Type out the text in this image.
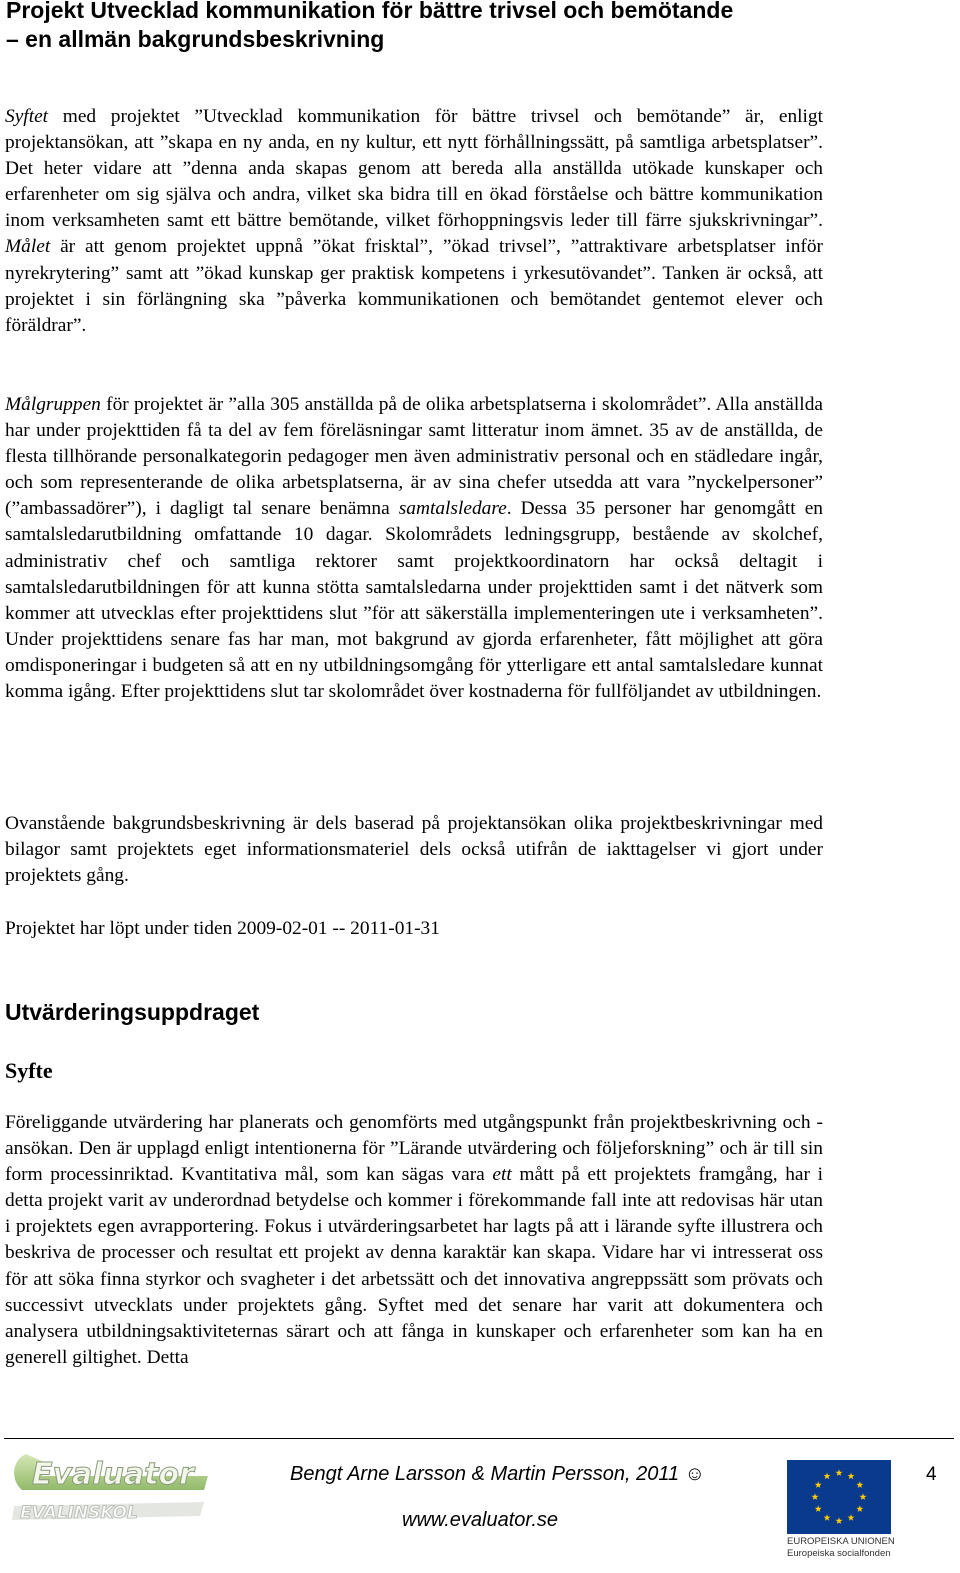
Projekt Utvecklad kommunikation för bättre trivsel och bemötande
– en allmän bakgrundsbeskrivning

Syftet med projektet ”Utvecklad kommunikation för bättre trivsel och bemötande” är, enligt projektansökan, att ”skapa en ny anda, en ny kultur, ett nytt förhållningssätt, på samtliga arbetsplatser”. Det heter vidare att ”denna anda skapas genom att bereda alla anställda utökade kunskaper och erfarenheter om sig själva och andra, vilket ska bidra till en ökad förståelse och bättre kommunikation inom verksamheten samt ett bättre bemötande, vilket förhoppningsvis leder till färre sjukskrivningar”. Målet är att genom projektet uppnå ”ökat frisktal”, ”ökad trivsel”, ”attraktivare arbetsplatser inför nyrekrytering” samt att ”ökad kunskap ger praktisk kompetens i yrkesutövandet”. Tanken är också, att projektet i sin förlängning ska ”påverka kommunikationen och bemötandet gentemot elever och föräldrar”.

Målgruppen för projektet är ”alla 305 anställda på de olika arbetsplatserna i skolområdet”. Alla anställda har under projekttiden få ta del av fem föreläsningar samt litteratur inom ämnet. 35 av de anställda, de flesta tillhörande personalkategorin pedagoger men även administrativ personal och en städledare ingår, och som representerande de olika arbetsplatserna, är av sina chefer utsedda att vara ”nyckelpersoner” (”ambassadörer”), i dagligt tal senare benämna samtalsledare. Dessa 35 personer har genomgått en samtalsledarutbildning omfattande 10 dagar. Skolområdets ledningsgrupp, bestående av skolchef, administrativ chef och samtliga rektorer samt projektkoordinatorn har också deltagit i samtalsledarutbildningen för att kunna stötta samtalsledarna under projekttiden samt i det nätverk som kommer att utvecklas efter projekttidens slut ”för att säkerställa implementeringen ute i verksamheten”. Under projekttidens senare fas har man, mot bakgrund av gjorda erfarenheter, fått möjlighet att göra omdisponeringar i budgeten så att en ny utbildningsomgång för ytterligare ett antal samtalsledare kunnat komma igång. Efter projekttidens slut tar skolområdet över kostnaderna för fullföljandet av utbildningen.

Ovanstående bakgrundsbeskrivning är dels baserad på projektansökan olika projektbeskrivningar med bilagor samt projektets eget informationsmateriel dels också utifrån de iakttagelser vi gjort under projektets gång.

Projektet har löpt under tiden 2009-02-01 -- 2011-01-31

Utvärderingsuppdraget
Syfte

Föreliggande utvärdering har planerats och genomförts med utgångspunkt från projektbeskrivning och -ansökan. Den är upplagd enligt intentionerna för ”Lärande utvärdering och följeforskning” och är till sin form processinriktad. Kvantitativa mål, som kan sägas vara ett mått på ett projektets framgång, har i detta projekt varit av underordnad betydelse och kommer i förekommande fall inte att redovisas här utan i projektets egen avrapportering. Fokus i utvärderingsarbetet har lagts på att i lärande syfte illustrera och beskriva de processer och resultat ett projekt av denna karaktär kan skapa. Vidare har vi intresserat oss för att söka finna styrkor och svagheter i det arbetssätt och det innovativa angreppssätt som prövats och successivt utvecklats under projektets gång. Syftet med det senare har varit att dokumentera och analysera utbildningsaktiviteternas särart och att fånga in kunskaper och erfarenheter som kan ha en generell giltighet. Detta

Evaluator
EVALINSKOL
Bengt Arne Larsson & Martin Persson, 2011 ☺
www.evaluator.se
4
EUROPEISKA UNIONEN
Europeiska socialfonden
